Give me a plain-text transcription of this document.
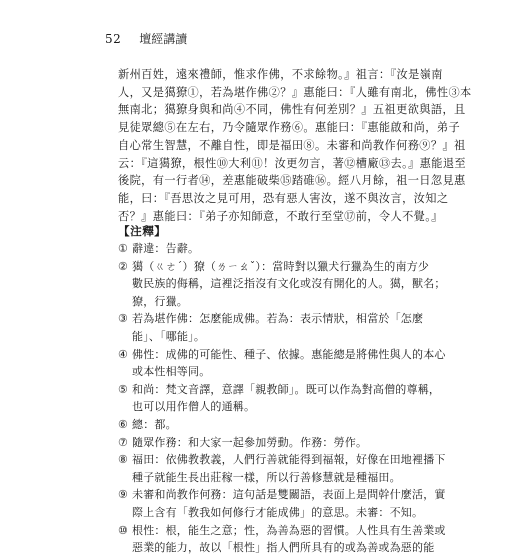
52 壇經講讀
新州百姓，遠來禮師，惟求作佛，不求餘物。』祖言：『汝是嶺南
人，又是獦獠①，若為堪作佛②？』惠能曰：『人雖有南北，佛性③本
無南北；獦獠身與和尚④不同，佛性有何差別？』五祖更欲與語，且
見徒眾總⑤在左右，乃令隨眾作務⑥。惠能曰：『惠能啟和尚，弟子
自心常生智慧，不離自性，即是福田⑧。未審和尚教作何務⑨？』祖
云：『這獦獠，根性⑩大利⑪！汝更勿言，著⑫槽廠⑬去。』惠能退至
後院，有一行者⑭，差惠能破柴⑮踏碓⑯。經八月餘，祖一日忽見惠
能，曰：『吾思汝之見可用，恐有惡人害汝，遂不與汝言，汝知之
否？』惠能曰：『弟子亦知師意，不敢行至堂⑰前，令人不覺。』
【注釋】
① 辭違：告辭。
② 獦（ㄍㄜˊ）獠（ㄌㄧㄠˇ）：當時對以獵犬行獵為生的南方少
數民族的侮稱，這裡泛指沒有文化或沒有開化的人。獦，獸名；
獠，行獵。
③ 若為堪作佛：怎麼能成佛。若為：表示情狀，相當於「怎麼
能」、「哪能」。
④ 佛性：成佛的可能性、種子、依據。惠能總是將佛性與人的本心
或本性相等同。
⑤ 和尚：梵文音譯，意譯「親教師」。既可以作為對高僧的尊稱，
也可以用作僧人的通稱。
⑥ 總：都。
⑦ 隨眾作務：和大家一起參加勞動。作務：勞作。
⑧ 福田：依佛教教義，人們行善就能得到福報，好像在田地裡播下
種子就能生長出莊稼一樣，所以行善修慧就是種福田。
⑨ 未審和尚教作何務：這句話是雙關語，表面上是問幹什麼活，實
際上含有「教我如何修行才能成佛」的意思。未審：不知。
⑩ 根性：根，能生之意；性，為善為惡的習慣。人性具有生善業或
惡業的能力，故以「根性」指人們所具有的或為善或為惡的能
